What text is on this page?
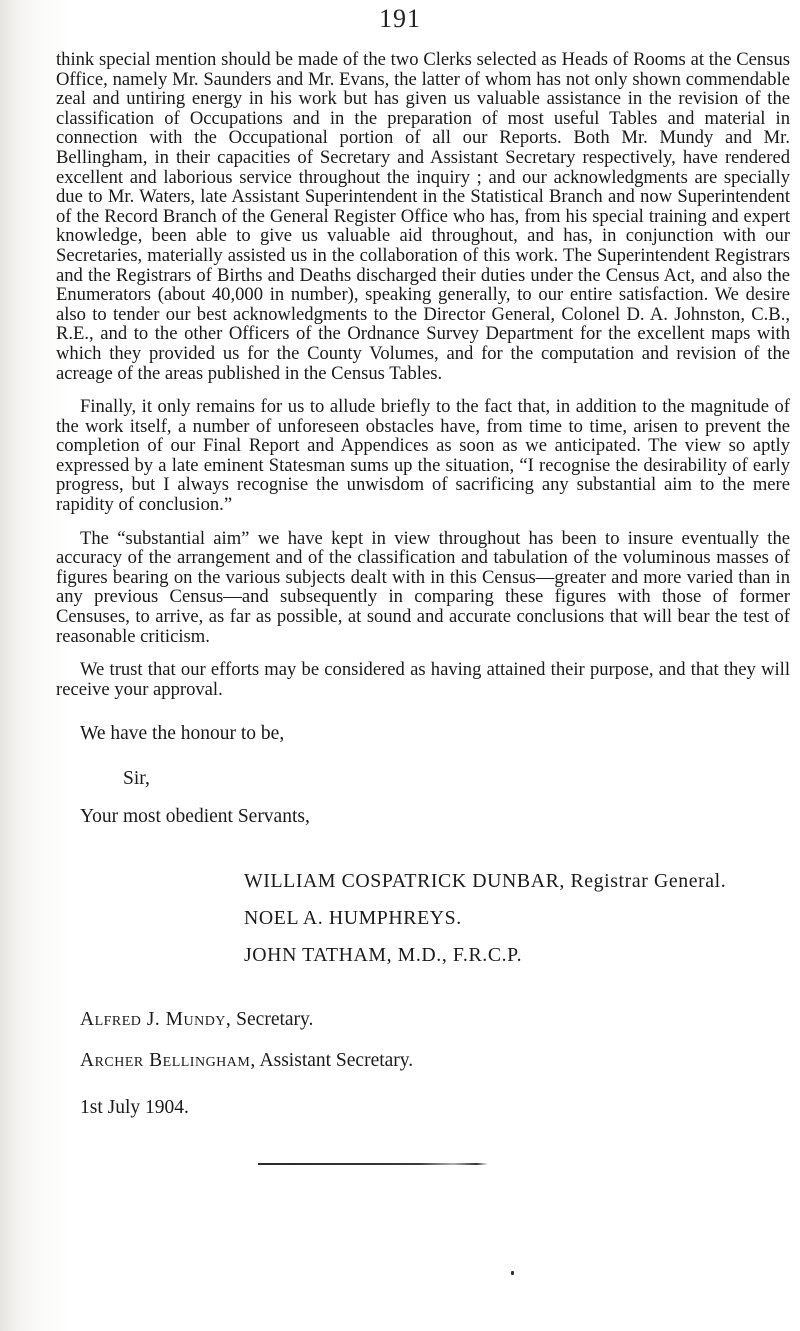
191

think special mention should be made of the two Clerks selected as Heads of Rooms at the Census Office, namely Mr. Saunders and Mr. Evans, the latter of whom has not only shown commendable zeal and untiring energy in his work but has given us valuable assistance in the revision of the classification of Occupations and in the preparation of most useful Tables and material in connection with the Occupational portion of all our Reports. Both Mr. Mundy and Mr. Bellingham, in their capacities of Secretary and Assistant Secretary respectively, have rendered excellent and laborious service throughout the inquiry ; and our acknowledgments are specially due to Mr. Waters, late Assistant Superintendent in the Statistical Branch and now Superintendent of the Record Branch of the General Register Office who has, from his special training and expert knowledge, been able to give us valuable aid throughout, and has, in conjunction with our Secretaries, materially assisted us in the collaboration of this work. The Superintendent Registrars and the Registrars of Births and Deaths discharged their duties under the Census Act, and also the Enumerators (about 40,000 in number), speaking generally, to our entire satisfaction. We desire also to tender our best acknowledgments to the Director General, Colonel D. A. Johnston, C.B., R.E., and to the other Officers of the Ordnance Survey Department for the excellent maps with which they provided us for the County Volumes, and for the computation and revision of the acreage of the areas published in the Census Tables.

Finally, it only remains for us to allude briefly to the fact that, in addition to the magnitude of the work itself, a number of unforeseen obstacles have, from time to time, arisen to prevent the completion of our Final Report and Appendices as soon as we anticipated. The view so aptly expressed by a late eminent Statesman sums up the situation, “I recognise the desirability of early progress, but I always recognise the unwisdom of sacrificing any substantial aim to the mere rapidity of conclusion.”

The “substantial aim” we have kept in view throughout has been to insure eventually the accuracy of the arrangement and of the classification and tabulation of the voluminous masses of figures bearing on the various subjects dealt with in this Census—greater and more varied than in any previous Census—and subsequently in comparing these figures with those of former Censuses, to arrive, as far as possible, at sound and accurate conclusions that will bear the test of reasonable criticism.

We trust that our efforts may be considered as having attained their purpose, and that they will receive your approval.

We have the honour to be,
Sir,
Your most obedient Servants,
WILLIAM COSPATRICK DUNBAR, Registrar General.
NOEL A. HUMPHREYS.
JOHN TATHAM, M.D., F.R.C.P.
Alfred J. Mundy, Secretary.
Archer Bellingham, Assistant Secretary.
1st July 1904.
